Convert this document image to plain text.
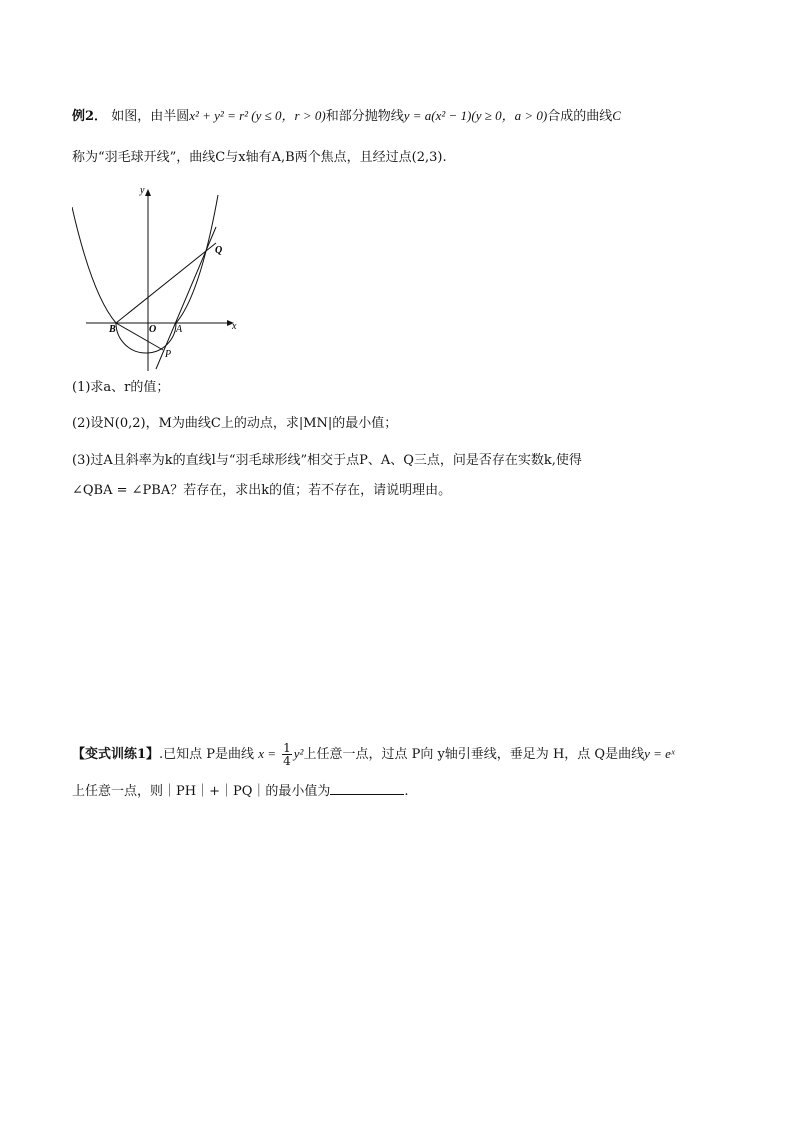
例2． 如图，由半圆x² + y² = r² (y ≤ 0，r > 0)和部分抛物线y = a(x² − 1)(y ≥ 0，a > 0)合成的曲线C
称为“羽毛球开线”，曲线C与x轴有A,B两个焦点，且经过点(2,3).
y
x
B	O A
P
Q
(1)求a、r的值；
(2)设N(0,2)，M为曲线C上的动点，求|MN|的最小值；
(3)过A且斜率为k的直线l与“羽毛球形线”相交于点P、A、Q三点，问是否存在实数k,使得
∠QBA = ∠PBA？若存在，求出k的值；若不存在，请说明理由。
【变式训练1】.已知点 P是曲线 $x = \frac{1}{4} y^2$上任意一点，过点 P向 y轴引垂线，垂足为 H，点 Q是曲线y = eˣ
上任意一点，则｜PH｜+｜PQ｜的最小值为	.
